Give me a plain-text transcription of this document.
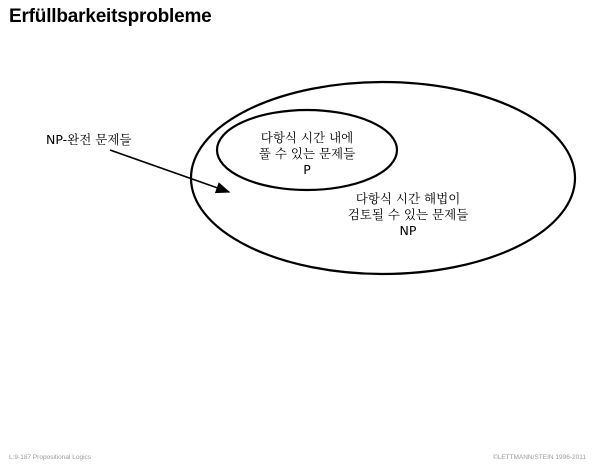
Erfüllbarkeitsprobleme
다항식 시간 내에
풀 수 있는 문제들
P
다항식 시간 해법이
검토될 수 있는 문제들
NP
NP-완전 문제들
L:9-187 Propositional Logics	©LETTMANN/STEIN 1996-2011
